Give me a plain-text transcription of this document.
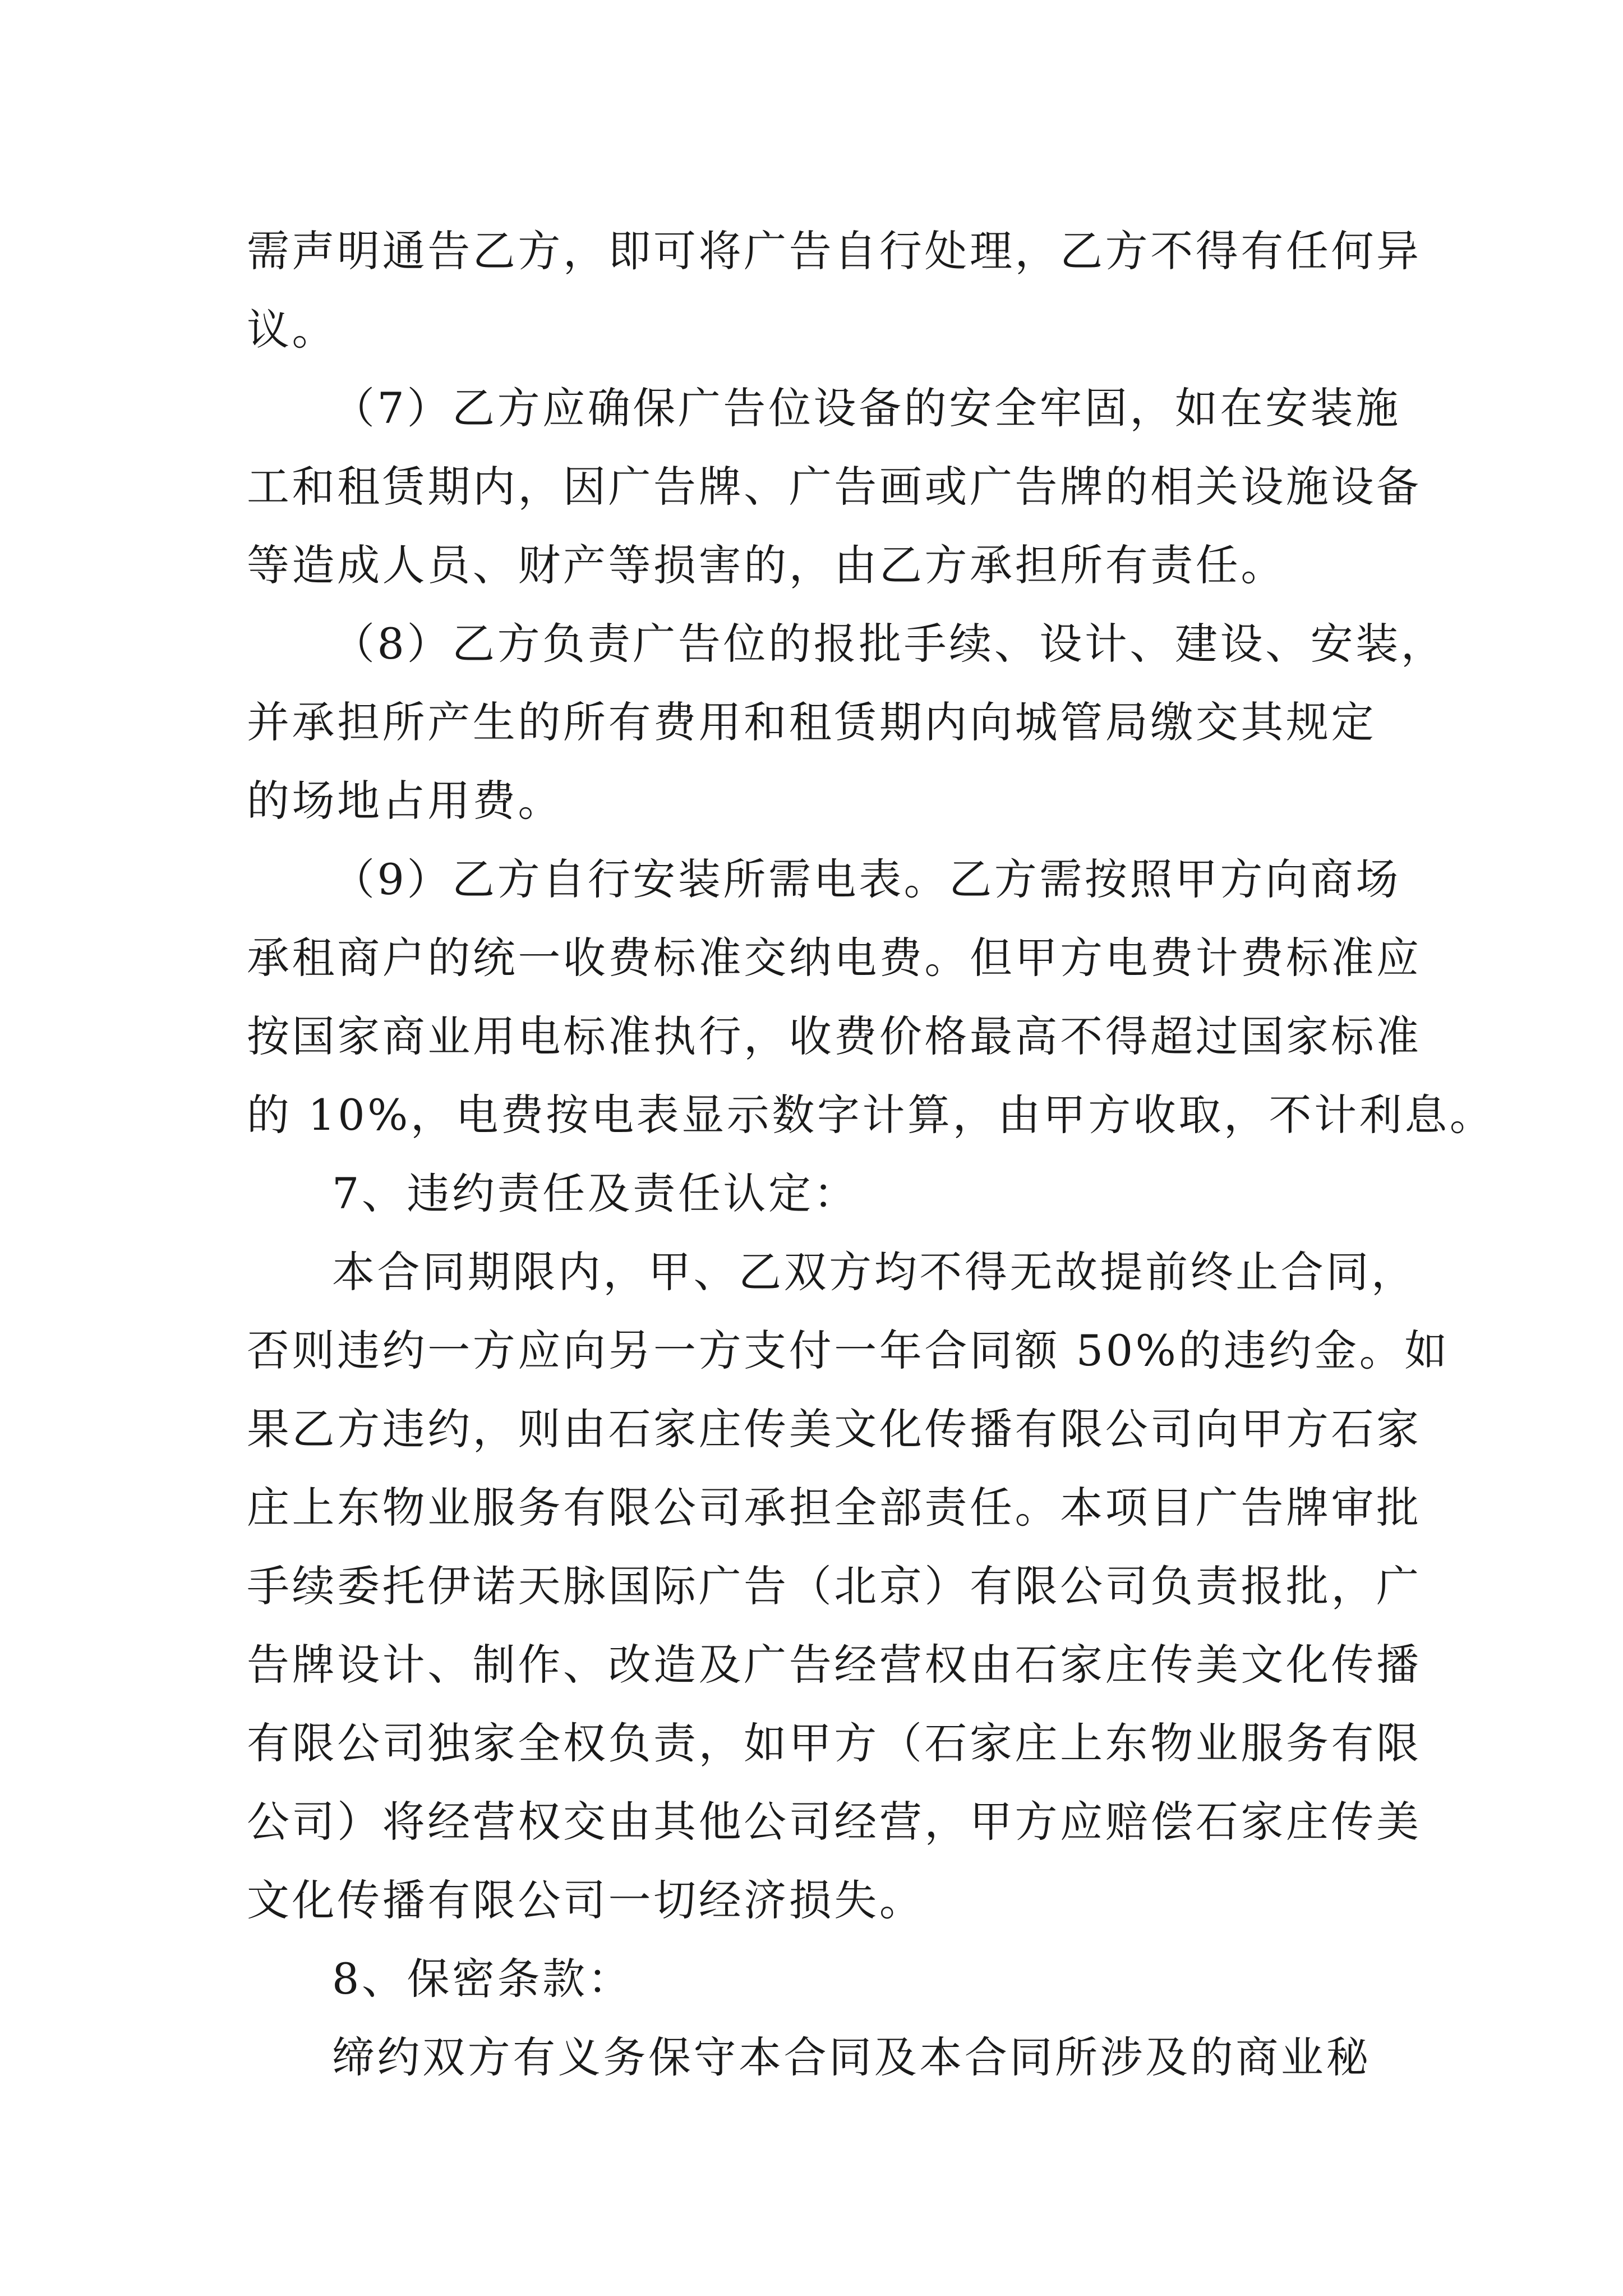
需声明通告乙方，即可将广告自行处理，乙方不得有任何异
议。
（7）乙方应确保广告位设备的安全牢固，如在安装施
工和租赁期内，因广告牌、广告画或广告牌的相关设施设备
等造成人员、财产等损害的，由乙方承担所有责任。
（8）乙方负责广告位的报批手续、设计、建设、安装，
并承担所产生的所有费用和租赁期内向城管局缴交其规定
的场地占用费。
（9）乙方自行安装所需电表。乙方需按照甲方向商场
承租商户的统一收费标准交纳电费。但甲方电费计费标准应
按国家商业用电标准执行，收费价格最高不得超过国家标准
的 10%，电费按电表显示数字计算，由甲方收取，不计利息。
7、违约责任及责任认定：
本合同期限内，甲、乙双方均不得无故提前终止合同，
否则违约一方应向另一方支付一年合同额 50%的违约金。如
果乙方违约，则由石家庄传美文化传播有限公司向甲方石家
庄上东物业服务有限公司承担全部责任。本项目广告牌审批
手续委托伊诺天脉国际广告（北京）有限公司负责报批，广
告牌设计、制作、改造及广告经营权由石家庄传美文化传播
有限公司独家全权负责，如甲方（石家庄上东物业服务有限
公司）将经营权交由其他公司经营，甲方应赔偿石家庄传美
文化传播有限公司一切经济损失。
8、保密条款：
缔约双方有义务保守本合同及本合同所涉及的商业秘
